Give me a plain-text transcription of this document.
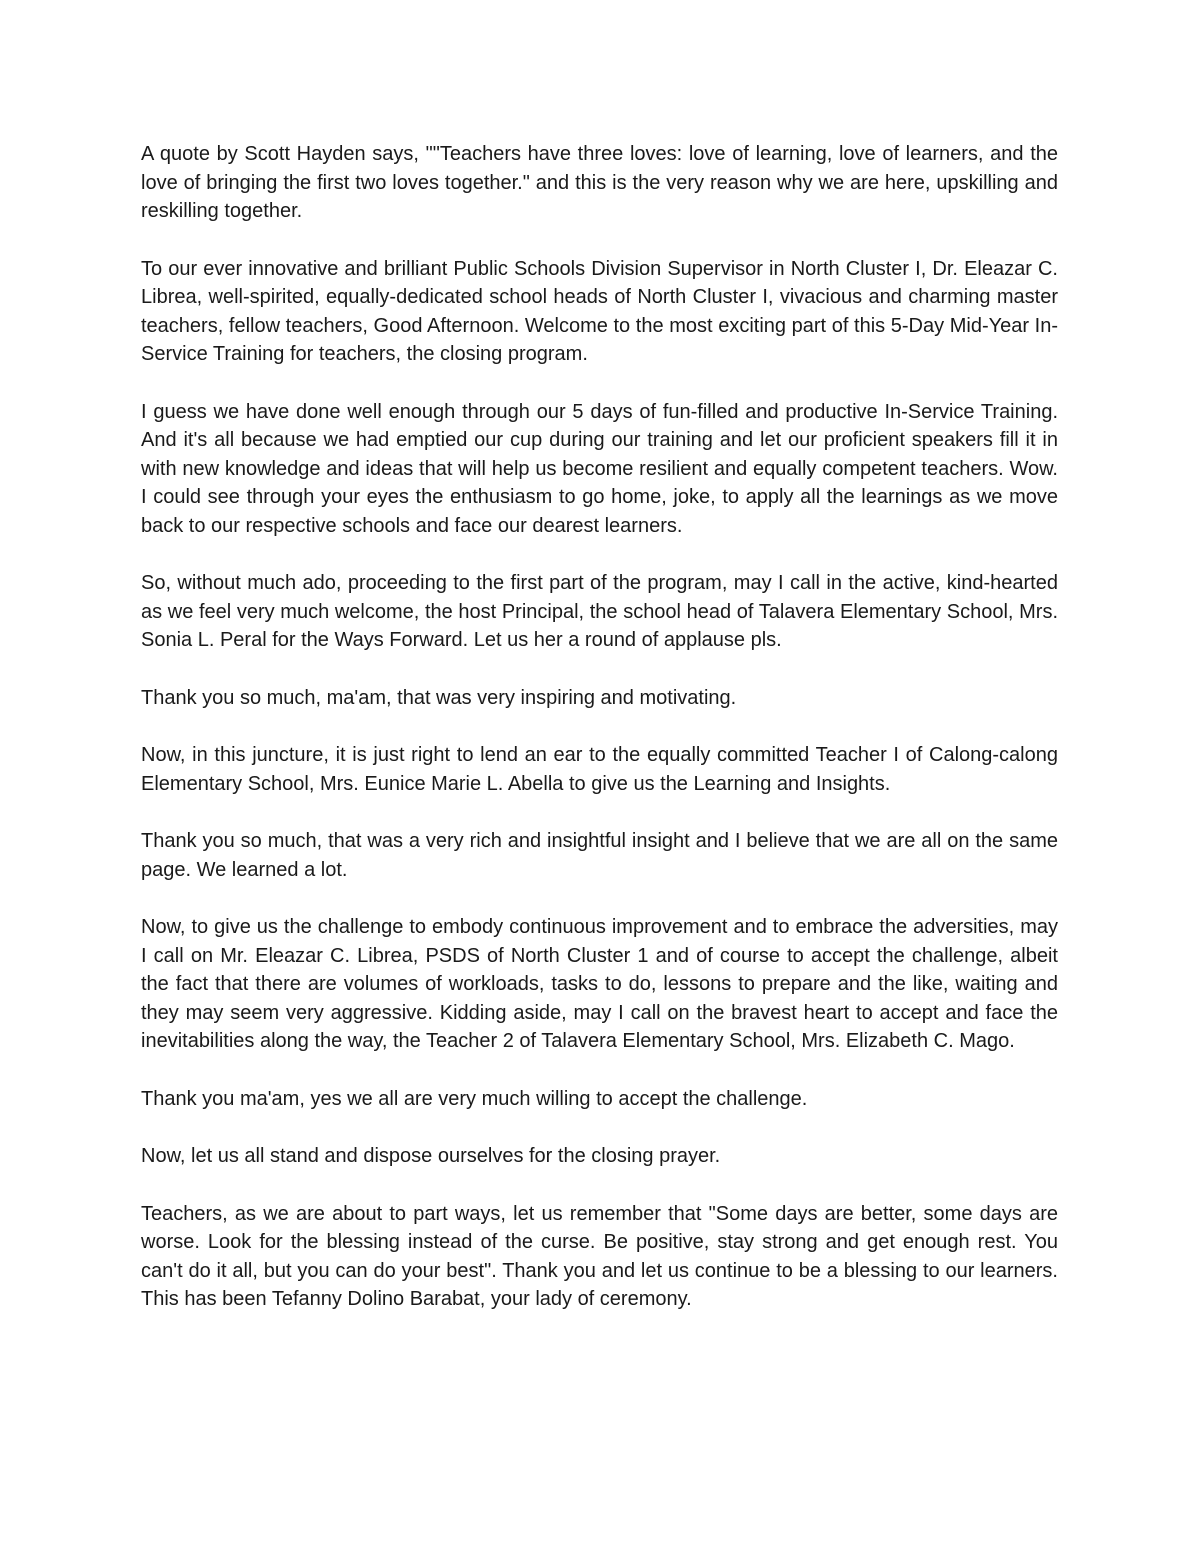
A quote by Scott Hayden says, ""Teachers have three loves: love of learning, love of learners, and the love of bringing the first two loves together." and this is the very reason why we are here, upskilling and reskilling together.

To our ever innovative and brilliant Public Schools Division Supervisor in North Cluster I, Dr. Eleazar C. Librea, well-spirited, equally-dedicated school heads of North Cluster I, vivacious and charming master teachers, fellow teachers, Good Afternoon. Welcome to the most exciting part of this 5-Day Mid-Year In-Service Training for teachers, the closing program.

I guess we have done well enough through our 5 days of fun-filled and productive In-Service Training. And it's all because we had emptied our cup during our training and let our proficient speakers fill it in with new knowledge and ideas that will help us become resilient and equally competent teachers. Wow. I could see through your eyes the enthusiasm to go home, joke, to apply all the learnings as we move back to our respective schools and face our dearest learners.

So, without much ado, proceeding to the first part of the program, may I call in the active, kind-hearted as we feel very much welcome, the host Principal, the school head of Talavera Elementary School, Mrs. Sonia L. Peral for the Ways Forward. Let us her a round of applause pls.

Thank you so much, ma'am, that was very inspiring and motivating.

Now, in this juncture, it is just right to lend an ear to the equally committed Teacher I of Calong-calong Elementary School, Mrs. Eunice Marie L. Abella to give us the Learning and Insights.

Thank you so much, that was a very rich and insightful insight and I believe that we are all on the same page. We learned a lot.

Now, to give us the challenge to embody continuous improvement and to embrace the adversities, may I call on Mr. Eleazar C. Librea, PSDS of North Cluster 1 and of course to accept the challenge, albeit the fact that there are volumes of workloads, tasks to do, lessons to prepare and the like, waiting and they may seem very aggressive. Kidding aside, may I call on the bravest heart to accept and face the inevitabilities along the way, the Teacher 2 of Talavera Elementary School, Mrs. Elizabeth C. Mago.

Thank you ma'am, yes we all are very much willing to accept the challenge.

Now, let us all stand and dispose ourselves for the closing prayer.

Teachers, as we are about to part ways, let us remember that "Some days are better, some days are worse. Look for the blessing instead of the curse. Be positive, stay strong and get enough rest. You can't do it all, but you can do your best". Thank you and let us continue to be a blessing to our learners. This has been Tefanny Dolino Barabat, your lady of ceremony.
